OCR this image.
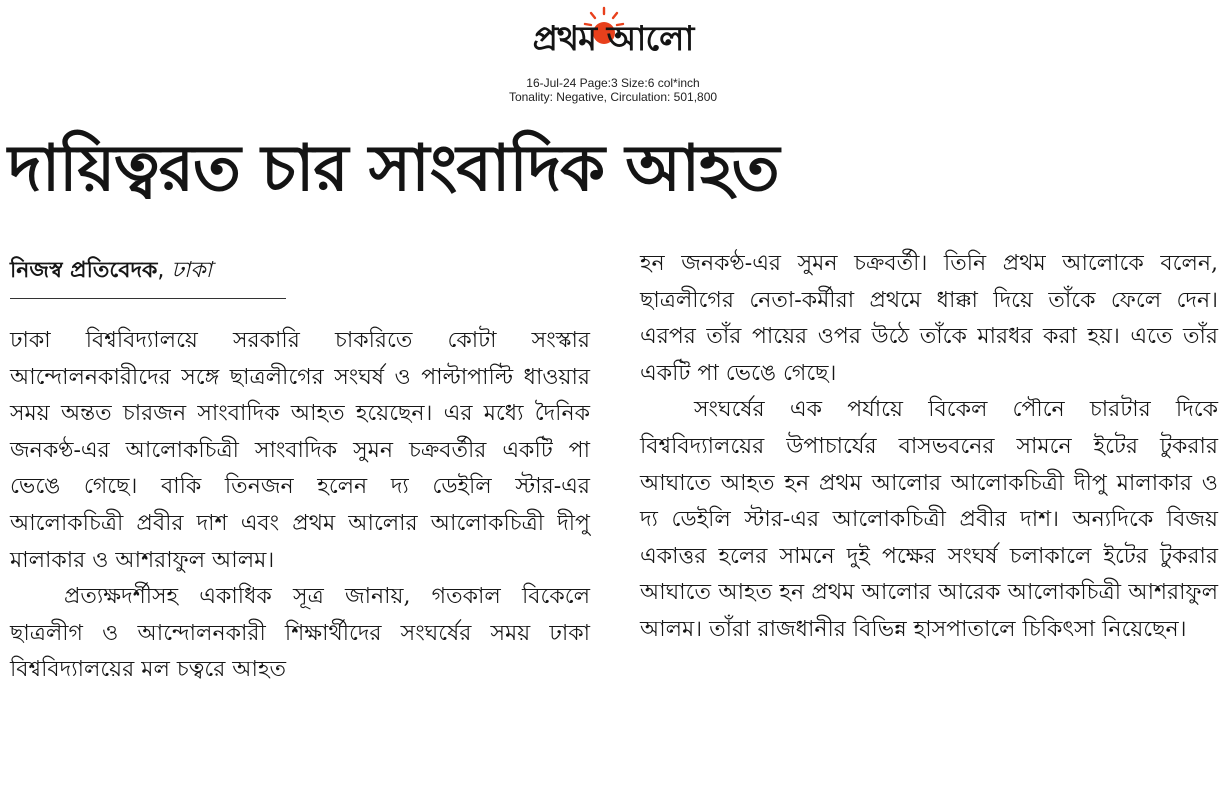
প্রথম আলো
16-Jul-24 Page:3 Size:6 col*inch
Tonality: Negative, Circulation: 501,800
দায়িত্বরত চার সাংবাদিক আহত
নিজস্ব প্রতিবেদক, ঢাকা

ঢাকা বিশ্ববিদ্যালয়ে সরকারি চাকরিতে কোটা সংস্কার আন্দোলনকারীদের সঙ্গে ছাত্রলীগের সংঘর্ষ ও পাল্টাপাল্টি ধাওয়ার সময় অন্তত চারজন সাংবাদিক আহত হয়েছেন। এর মধ্যে দৈনিক জনকণ্ঠ-এর আলোকচিত্রী সাংবাদিক সুমন চক্রবর্তীর একটি পা ভেঙে গেছে। বাকি তিনজন হলেন দ্য ডেইলি স্টার-এর আলোকচিত্রী প্রবীর দাশ এবং প্রথম আলোর আলোকচিত্রী দীপু মালাকার ও আশরাফুল আলম।

প্রত্যক্ষদর্শীসহ একাধিক সূত্র জানায়, গতকাল বিকেলে ছাত্রলীগ ও আন্দোলনকারী শিক্ষার্থীদের সংঘর্ষের সময় ঢাকা বিশ্ববিদ্যালয়ের মল চত্বরে আহত

হন জনকণ্ঠ-এর সুমন চক্রবর্তী। তিনি প্রথম আলোকে বলেন, ছাত্রলীগের নেতা-কর্মীরা প্রথমে ধাক্কা দিয়ে তাঁকে ফেলে দেন। এরপর তাঁর পায়ের ওপর উঠে তাঁকে মারধর করা হয়। এতে তাঁর একটি পা ভেঙে গেছে।

সংঘর্ষের এক পর্যায়ে বিকেল পৌনে চারটার দিকে বিশ্ববিদ্যালয়ের উপাচার্যের বাসভবনের সামনে ইটের টুকরার আঘাতে আহত হন প্রথম আলোর আলোকচিত্রী দীপু মালাকার ও দ্য ডেইলি স্টার-এর আলোকচিত্রী প্রবীর দাশ। অন্যদিকে বিজয় একাত্তর হলের সামনে দুই পক্ষের সংঘর্ষ চলাকালে ইটের টুকরার আঘাতে আহত হন প্রথম আলোর আরেক আলোকচিত্রী আশরাফুল আলম। তাঁরা রাজধানীর বিভিন্ন হাসপাতালে চিকিৎসা নিয়েছেন।
